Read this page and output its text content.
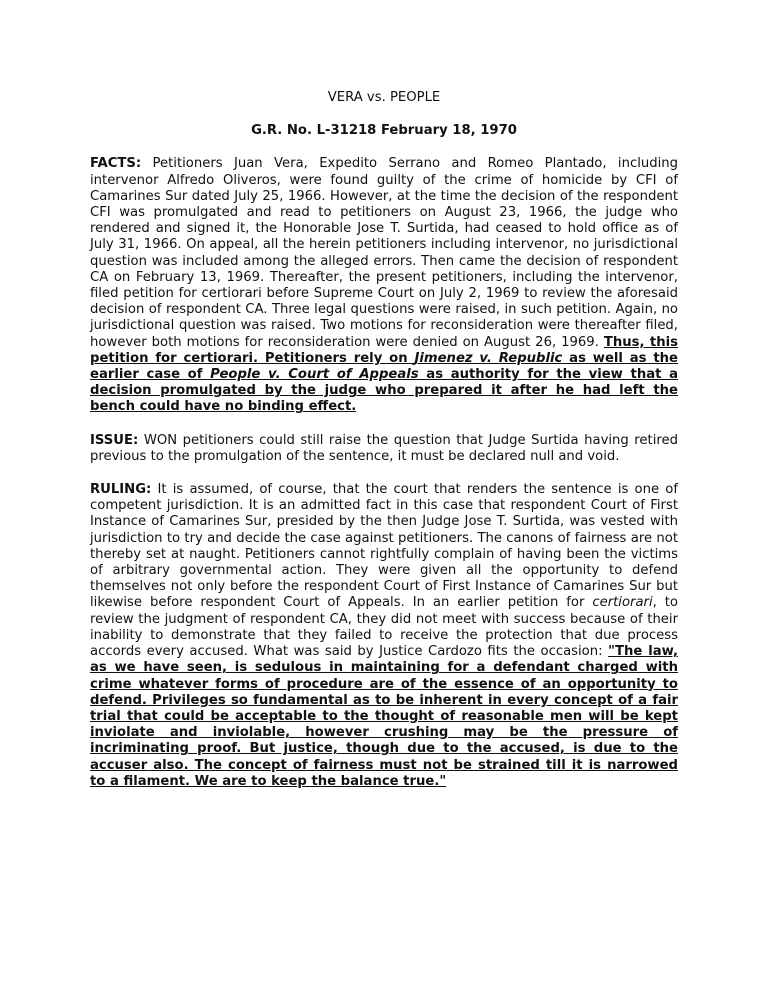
VERA vs. PEOPLE

G.R. No. L-31218 February 18, 1970

FACTS: Petitioners Juan Vera, Expedito Serrano and Romeo Plantado, including intervenor Alfredo Oliveros, were found guilty of the crime of homicide by CFI of Camarines Sur dated July 25, 1966. However, at the time the decision of the respondent CFI was promulgated and read to petitioners on August 23, 1966, the judge who rendered and signed it, the Honorable Jose T. Surtida, had ceased to hold office as of July 31, 1966. On appeal, all the herein petitioners including intervenor, no jurisdictional question was included among the alleged errors. Then came the decision of respondent CA on February 13, 1969. Thereafter, the present petitioners, including the intervenor, filed petition for certiorari before Supreme Court on July 2, 1969 to review the aforesaid decision of respondent CA. Three legal questions were raised, in such petition. Again, no jurisdictional question was raised. Two motions for reconsideration were thereafter filed, however both motions for reconsideration were denied on August 26, 1969. Thus, this petition for certiorari. Petitioners rely on Jimenez v. Republic as well as the earlier case of People v. Court of Appeals as authority for the view that a decision promulgated by the judge who prepared it after he had left the bench could have no binding effect.

ISSUE: WON petitioners could still raise the question that Judge Surtida having retired previous to the promulgation of the sentence, it must be declared null and void.

RULING: It is assumed, of course, that the court that renders the sentence is one of competent jurisdiction. It is an admitted fact in this case that respondent Court of First Instance of Camarines Sur, presided by the then Judge Jose T. Surtida, was vested with jurisdiction to try and decide the case against petitioners. The canons of fairness are not thereby set at naught. Petitioners cannot rightfully complain of having been the victims of arbitrary governmental action. They were given all the opportunity to defend themselves not only before the respondent Court of First Instance of Camarines Sur but likewise before respondent Court of Appeals. In an earlier petition for certiorari, to review the judgment of respondent CA, they did not meet with success because of their inability to demonstrate that they failed to receive the protection that due process accords every accused. What was said by Justice Cardozo fits the occasion: "The law, as we have seen, is sedulous in maintaining for a defendant charged with crime whatever forms of procedure are of the essence of an opportunity to defend. Privileges so fundamental as to be inherent in every concept of a fair trial that could be acceptable to the thought of reasonable men will be kept inviolate and inviolable, however crushing may be the pressure of incriminating proof. But justice, though due to the accused, is due to the accuser also. The concept of fairness must not be strained till it is narrowed to a filament. We are to keep the balance true."
